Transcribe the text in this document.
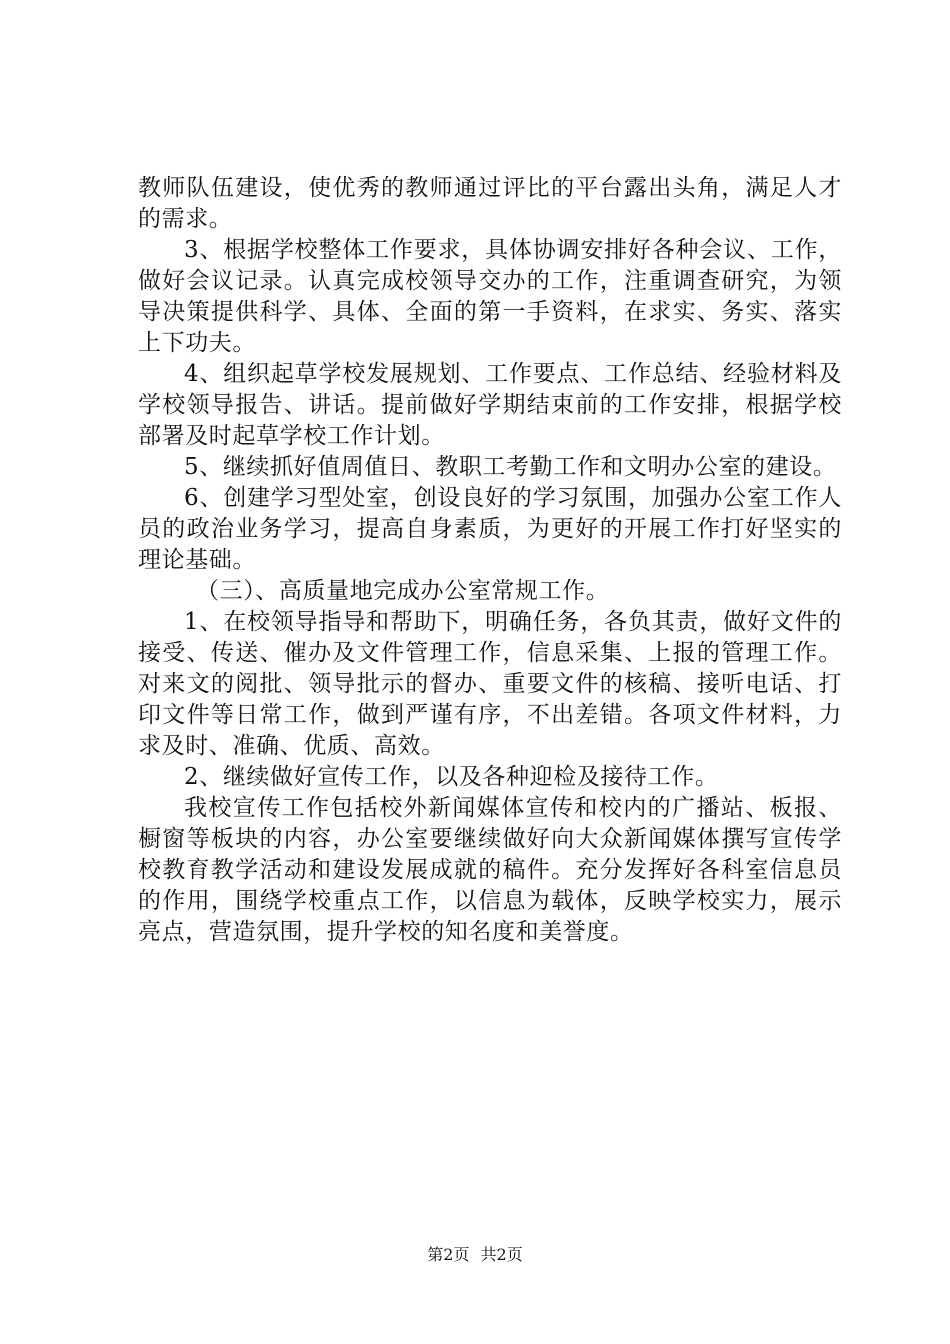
教师队伍建设，使优秀的教师通过评比的平台露出头角，满足人才的需求。

3、根据学校整体工作要求，具体协调安排好各种会议、工作，做好会议记录。认真完成校领导交办的工作，注重调查研究，为领导决策提供科学、具体、全面的第一手资料，在求实、务实、落实上下功夫。

4、组织起草学校发展规划、工作要点、工作总结、经验材料及学校领导报告、讲话。提前做好学期结束前的工作安排，根据学校部署及时起草学校工作计划。

5、继续抓好值周值日、教职工考勤工作和文明办公室的建设。

6、创建学习型处室，创设良好的学习氛围，加强办公室工作人员的政治业务学习，提高自身素质，为更好的开展工作打好坚实的理论基础。

（三）、高质量地完成办公室常规工作。

1、在校领导指导和帮助下，明确任务，各负其责，做好文件的接受、传送、催办及文件管理工作，信息采集、上报的管理工作。对来文的阅批、领导批示的督办、重要文件的核稿、接听电话、打印文件等日常工作，做到严谨有序，不出差错。各项文件材料，力求及时、准确、优质、高效。

2、继续做好宣传工作，以及各种迎检及接待工作。

我校宣传工作包括校外新闻媒体宣传和校内的广播站、板报、橱窗等板块的内容，办公室要继续做好向大众新闻媒体撰写宣传学校教育教学活动和建设发展成就的稿件。充分发挥好各科室信息员的作用，围绕学校重点工作，以信息为载体，反映学校实力，展示亮点，营造氛围，提升学校的知名度和美誉度。

第2页 共2页
